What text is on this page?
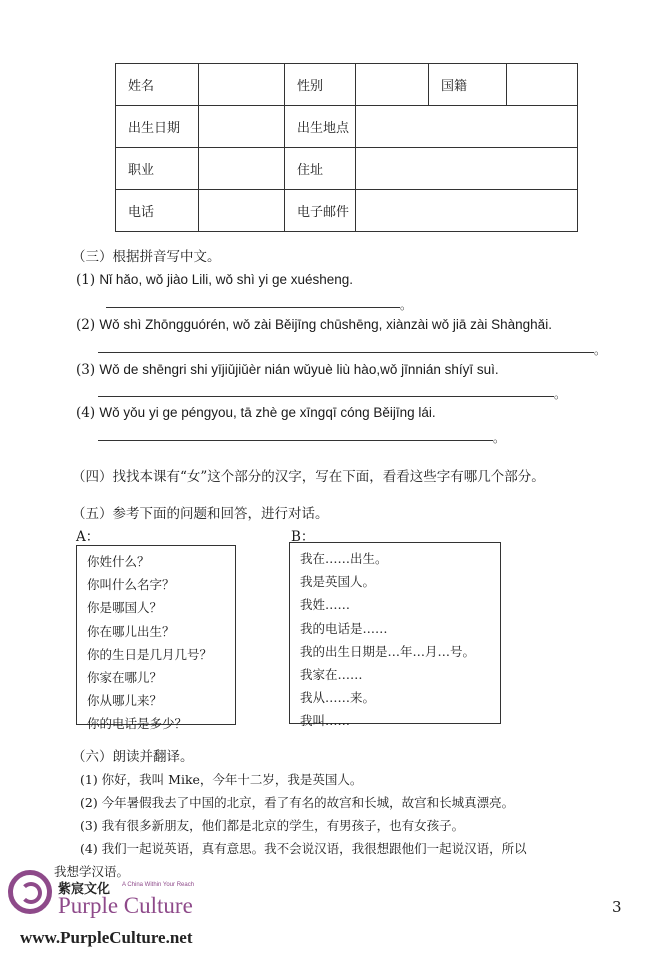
姓名		性别		国籍	
出生日期		出生地点			
职业		住址			
电话		电子邮件			
（三）根据拼音写中文。
(1) Nǐ hǎo, wǒ jiào Lili, wǒ shì yi ge xuésheng.
。
(2) Wǒ shì Zhōngguórén, wǒ zài Běijīng chūshēng, xiànzài wǒ jiā zài Shànghǎi.
。
(3) Wǒ de shēngri shi yījiǔjiǔèr nián wǔyuè liù hào,wǒ jīnnián shíyī suì.
。
(4) Wǒ yǒu yi ge péngyou, tā zhè ge xīngqī cóng Běijīng lái.
。
（四）找找本课有“女”这个部分的汉字，写在下面，看看这些字有哪几个部分。
（五）参考下面的问题和回答，进行对话。
A：	B：
你姓什么？
你叫什么名字？
你是哪国人？
你在哪儿出生？
你的生日是几月几号？
你家在哪儿？
你从哪儿来？
你的电话是多少？
我在……出生。
我是英国人。
我姓……
我的电话是……
我的出生日期是…年…月…号。
我家在……
我从……来。
我叫……
（六）朗读并翻译。
(1) 你好，我叫 Mike，今年十二岁，我是英国人。
(2) 今年暑假我去了中国的北京，看了有名的故宫和长城，故宫和长城真漂亮。
(3) 我有很多新朋友，他们都是北京的学生，有男孩子，也有女孩子。
(4) 我们一起说英语，真有意思。我不会说汉语，我很想跟他们一起说汉语，所以
我想学汉语。
紫宸文化 A China Within Your Reach
Purple Culture
www.PurpleCulture.net
3
